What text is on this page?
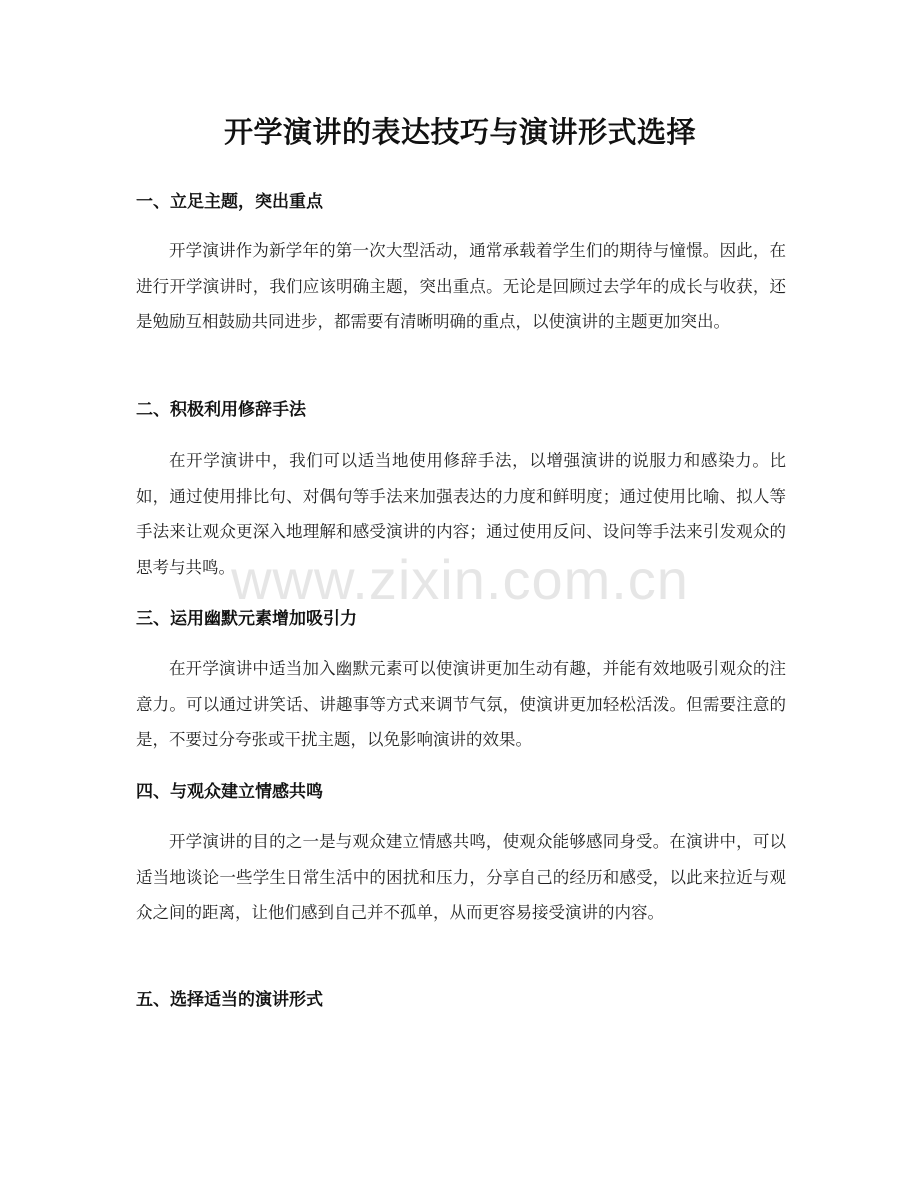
开学演讲的表达技巧与演讲形式选择
一、立足主题，突出重点
开学演讲作为新学年的第一次大型活动，通常承载着学生们的期待与憧憬。因此，在进行开学演讲时，我们应该明确主题，突出重点。无论是回顾过去学年的成长与收获，还是勉励互相鼓励共同进步，都需要有清晰明确的重点，以使演讲的主题更加突出。
二、积极利用修辞手法
在开学演讲中，我们可以适当地使用修辞手法，以增强演讲的说服力和感染力。比如，通过使用排比句、对偶句等手法来加强表达的力度和鲜明度；通过使用比喻、拟人等手法来让观众更深入地理解和感受演讲的内容；通过使用反问、设问等手法来引发观众的思考与共鸣。
三、运用幽默元素增加吸引力
在开学演讲中适当加入幽默元素可以使演讲更加生动有趣，并能有效地吸引观众的注意力。可以通过讲笑话、讲趣事等方式来调节气氛，使演讲更加轻松活泼。但需要注意的是，不要过分夸张或干扰主题，以免影响演讲的效果。
四、与观众建立情感共鸣
开学演讲的目的之一是与观众建立情感共鸣，使观众能够感同身受。在演讲中，可以适当地谈论一些学生日常生活中的困扰和压力，分享自己的经历和感受，以此来拉近与观众之间的距离，让他们感到自己并不孤单，从而更容易接受演讲的内容。
五、选择适当的演讲形式
www.zixin.com.cn
